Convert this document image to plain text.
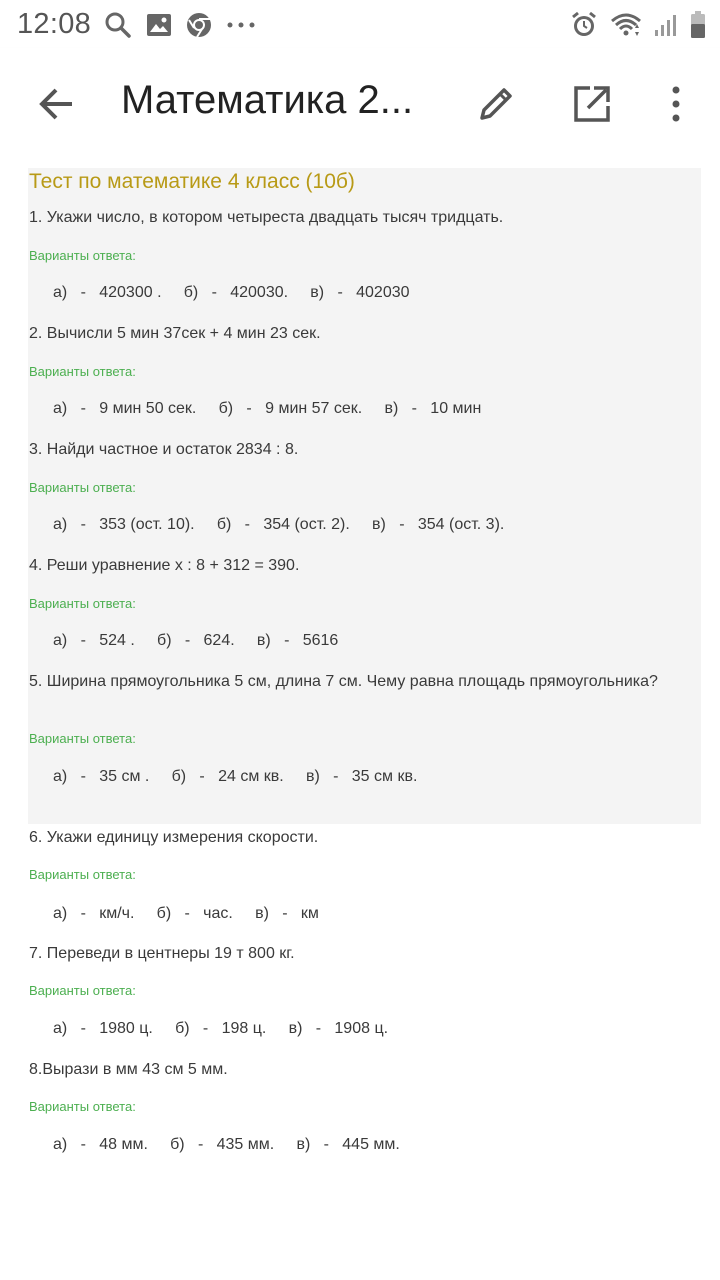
12:08
Математика 2...
Тест по математике 4 класс (10б)
1. Укажи число, в котором четыреста двадцать тысяч тридцать.
Варианты ответа:
а)   -   420300 .     б)   -   420030.     в)   -   402030
2. Вычисли 5 мин 37сек + 4 мин 23 сек.
Варианты ответа:
а)   -   9 мин 50 сек.     б)   -   9 мин 57 сек.     в)   -   10 мин
3. Найди частное и остаток 2834 : 8.
Варианты ответа:
а)   -   353 (ост. 10).     б)   -   354 (ост. 2).     в)   -   354 (ост. 3).
4. Реши уравнение х : 8 + 312 = 390.
Варианты ответа:
а)   -   524 .     б)   -   624.     в)   -   5616
5. Ширина прямоугольника 5 см, длина 7 см. Чему равна площадь прямоугольника?
Варианты ответа:
а)   -   35 см .     б)   -   24 см кв.     в)   -   35 см кв.
6. Укажи единицу измерения скорости.
Варианты ответа:
а)   -   км/ч.     б)   -   час.     в)   -   км
7. Переведи в центнеры 19 т 800 кг.
Варианты ответа:
а)   -   1980 ц.     б)   -   198 ц.     в)   -   1908 ц.
8.Вырази в мм 43 см 5 мм.
Варианты ответа:
а)   -   48 мм.     б)   -   435 мм.     в)   -   445 мм.
